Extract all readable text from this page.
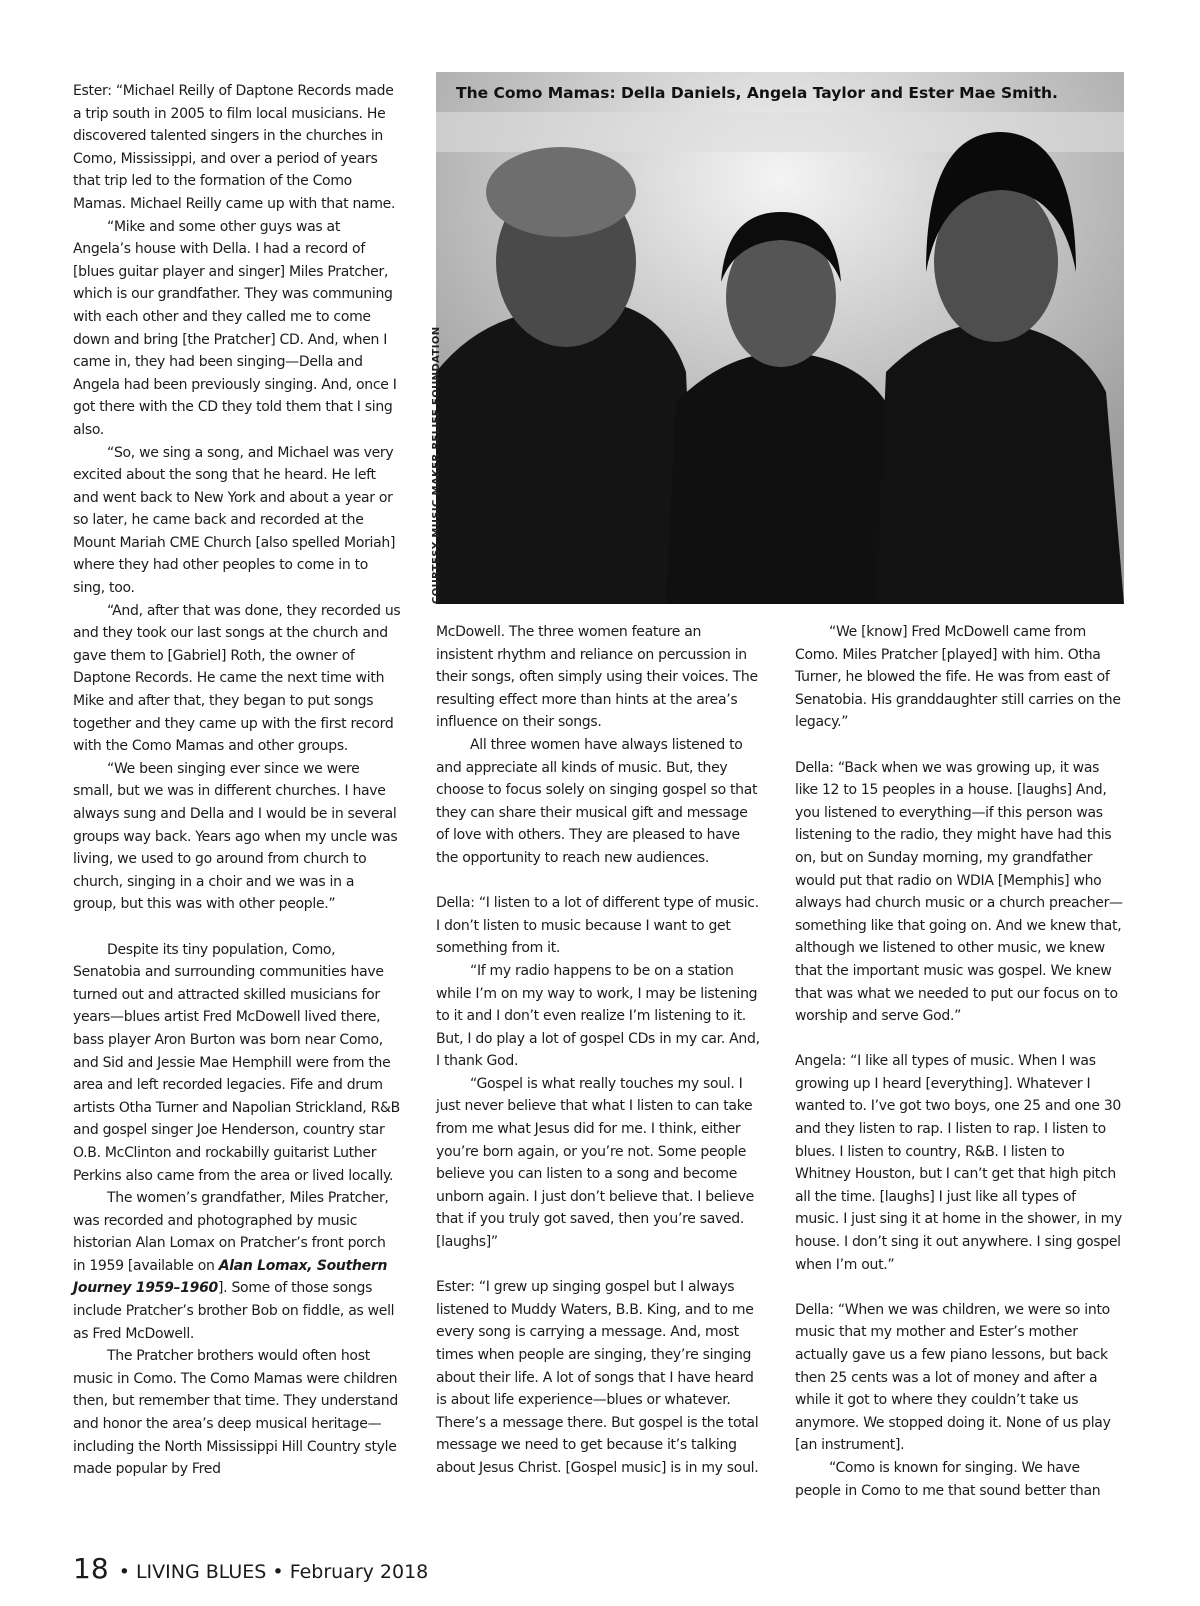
Ester: “Michael Reilly of Daptone Records made a trip south in 2005 to film local musicians. He discovered talented singers in the churches in Como, Mississippi, and over a period of years that trip led to the formation of the Como Mamas. Michael Reilly came up with that name.

“Mike and some other guys was at Angela’s house with Della. I had a record of [blues guitar player and singer] Miles Pratcher, which is our grandfather. They was communing with each other and they called me to come down and bring [the Pratcher] CD. And, when I came in, they had been singing—Della and Angela had been previously singing. And, once I got there with the CD they told them that I sing also.

“So, we sing a song, and Michael was very excited about the song that he heard. He left and went back to New York and about a year or so later, he came back and recorded at the Mount Mariah CME Church [also spelled Moriah] where they had other peoples to come in to sing, too.

“And, after that was done, they recorded us and they took our last songs at the church and gave them to [Gabriel] Roth, the owner of Daptone Records. He came the next time with Mike and after that, they began to put songs together and they came up with the first record with the Como Mamas and other groups.

“We been singing ever since we were small, but we was in different churches. I have always sung and Della and I would be in several groups way back. Years ago when my uncle was living, we used to go around from church to church, singing in a choir and we was in a group, but this was with other people.”

Despite its tiny population, Como, Senatobia and surrounding communities have turned out and attracted skilled musicians for years—blues artist Fred McDowell lived there, bass player Aron Burton was born near Como, and Sid and Jessie Mae Hemphill were from the area and left recorded legacies. Fife and drum artists Otha Turner and Napolian Strickland, R&B and gospel singer Joe Henderson, country star O.B. McClinton and rockabilly guitarist Luther Perkins also came from the area or lived locally.

The women’s grandfather, Miles Pratcher, was recorded and photographed by music historian Alan Lomax on Pratcher’s front porch in 1959 [available on Alan Lomax, Southern Journey 1959–1960]. Some of those songs include Pratcher’s brother Bob on fiddle, as well as Fred McDowell.

The Pratcher brothers would often host music in Como. The Como Mamas were children then, but remember that time. They understand and honor the area’s deep musical heritage—including the North Mississippi Hill Country style made popular by Fred

The Como Mamas: Della Daniels, Angela Taylor and Ester Mae Smith.
COURTESY MUSIC MAKER RELIEF FOUNDATION

McDowell. The three women feature an insistent rhythm and reliance on percussion in their songs, often simply using their voices. The resulting effect more than hints at the area’s influence on their songs.

All three women have always listened to and appreciate all kinds of music. But, they choose to focus solely on singing gospel so that they can share their musical gift and message of love with others. They are pleased to have the opportunity to reach new audiences.

Della: “I listen to a lot of different type of music. I don’t listen to music because I want to get something from it.

“If my radio happens to be on a station while I’m on my way to work, I may be listening to it and I don’t even realize I’m listening to it. But, I do play a lot of gospel CDs in my car. And, I thank God.

“Gospel is what really touches my soul. I just never believe that what I listen to can take from me what Jesus did for me. I think, either you’re born again, or you’re not. Some people believe you can listen to a song and become unborn again. I just don’t believe that. I believe that if you truly got saved, then you’re saved. [laughs]”

Ester: “I grew up singing gospel but I always listened to Muddy Waters, B.B. King, and to me every song is carrying a message. And, most times when people are singing, they’re singing about their life. A lot of songs that I have heard is about life experience—blues or whatever. There’s a message there. But gospel is the total message we need to get because it’s talking about Jesus Christ. [Gospel music] is in my soul.

“We [know] Fred McDowell came from Como. Miles Pratcher [played] with him. Otha Turner, he blowed the fife. He was from east of Senatobia. His granddaughter still carries on the legacy.”

Della: “Back when we was growing up, it was like 12 to 15 peoples in a house. [laughs] And, you listened to everything—if this person was listening to the radio, they might have had this on, but on Sunday morning, my grandfather would put that radio on WDIA [Memphis] who always had church music or a church preacher—something like that going on. And we knew that, although we listened to other music, we knew that the important music was gospel. We knew that was what we needed to put our focus on to worship and serve God.”

Angela: “I like all types of music. When I was growing up I heard [everything]. Whatever I wanted to. I’ve got two boys, one 25 and one 30 and they listen to rap. I listen to rap. I listen to blues. I listen to country, R&B. I listen to Whitney Houston, but I can’t get that high pitch all the time. [laughs] I just like all types of music. I just sing it at home in the shower, in my house. I don’t sing it out anywhere. I sing gospel when I’m out.”

Della: “When we was children, we were so into music that my mother and Ester’s mother actually gave us a few piano lessons, but back then 25 cents was a lot of money and after a while it got to where they couldn’t take us anymore. We stopped doing it. None of us play [an instrument].

“Como is known for singing. We have people in Como to me that sound better than

18 • LIVING BLUES • February 2018
